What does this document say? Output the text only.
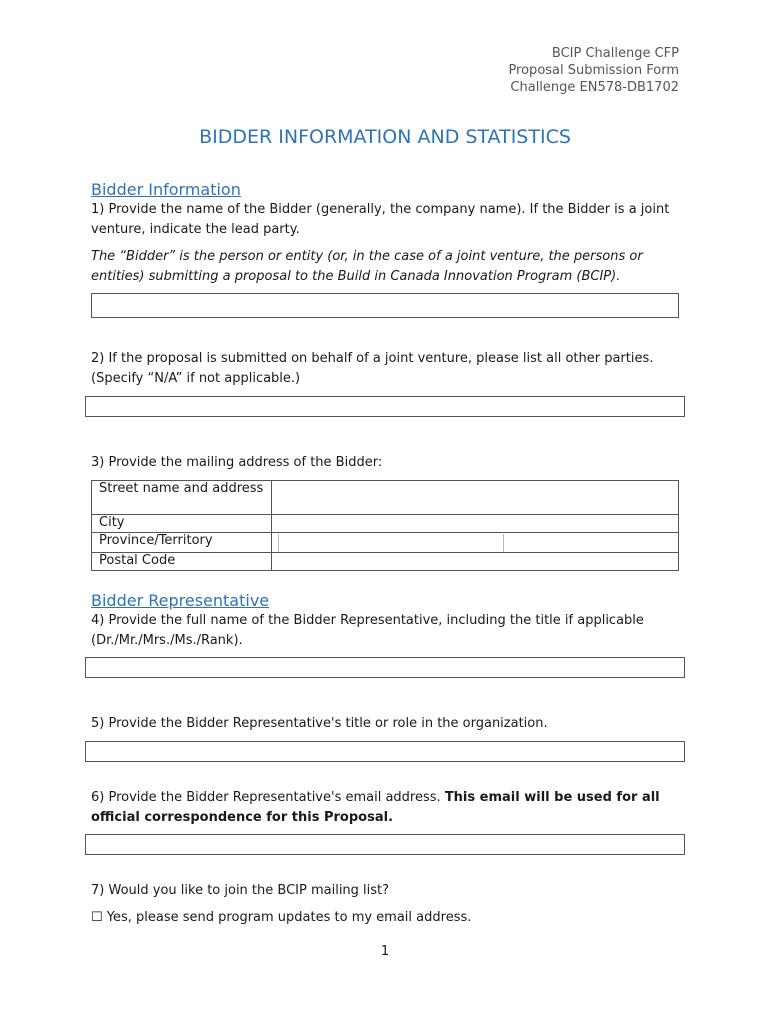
BCIP Challenge CFP
Proposal Submission Form
Challenge EN578-DB1702
BIDDER INFORMATION AND STATISTICS
Bidder Information
1) Provide the name of the Bidder (generally, the company name). If the Bidder is a joint venture, indicate the lead party.
The “Bidder” is the person or entity (or, in the case of a joint venture, the persons or entities) submitting a proposal to the Build in Canada Innovation Program (BCIP).
2) If the proposal is submitted on behalf of a joint venture, please list all other parties. (Specify “N/A” if not applicable.)
3) Provide the mailing address of the Bidder:
Street name and address	
City	
Province/Territory	

Postal Code	
Bidder Representative
4) Provide the full name of the Bidder Representative, including the title if applicable (Dr./Mr./Mrs./Ms./Rank).
5) Provide the Bidder Representative's title or role in the organization.
6) Provide the Bidder Representative's email address. This email will be used for all official correspondence for this Proposal.
7) Would you like to join the BCIP mailing list?
☐ Yes, please send program updates to my email address.
1
